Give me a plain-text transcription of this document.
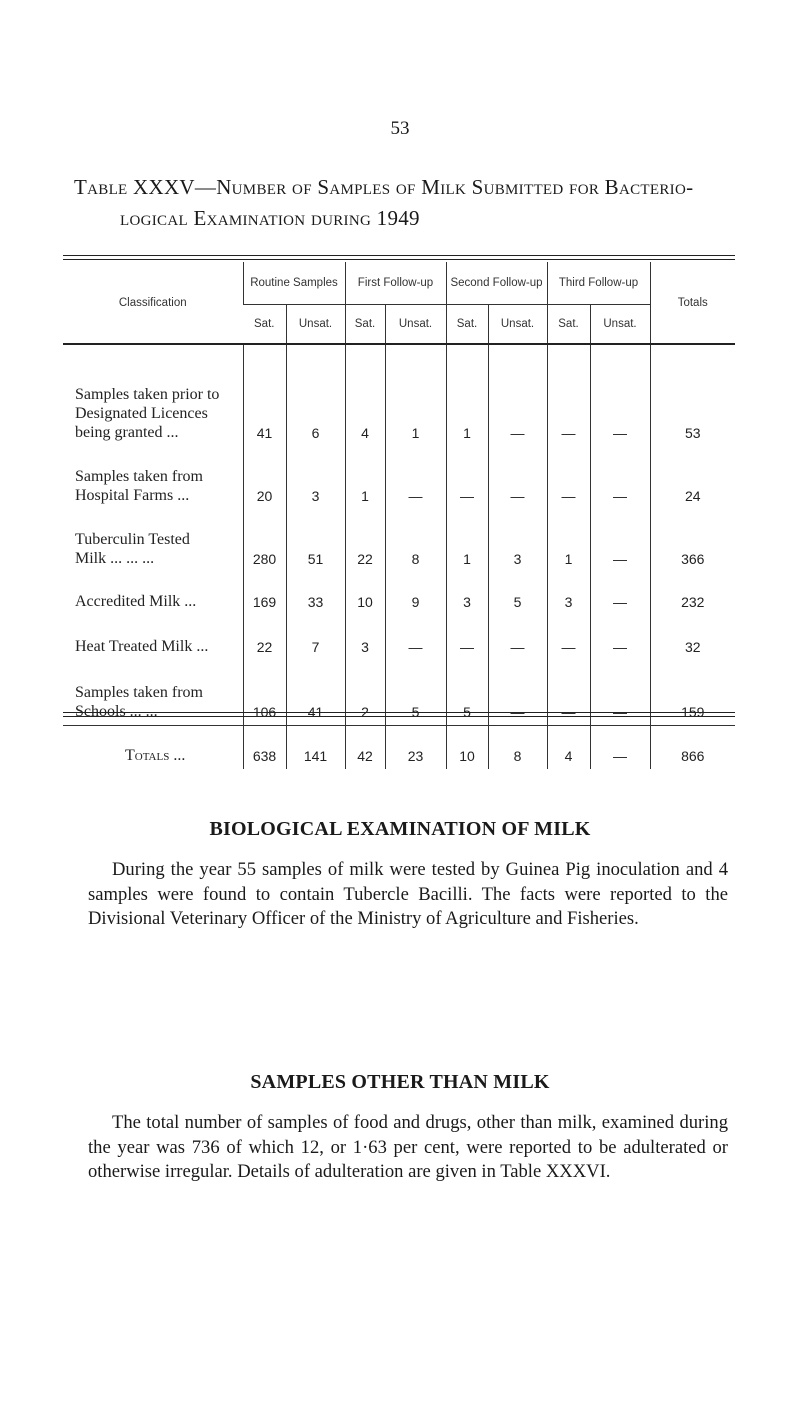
53
Table XXXV—Number of Samples of Milk Submitted for Bacterio-
logical Examination during 1949
Classification	Routine Samples		First Follow-up		Second Follow-up		Third Follow-up		Totals
	Sat.	Unsat.	Sat.	Unsat.	Sat.	Unsat.	Sat.	Unsat.	

Samples taken prior to
Designated Licences
being granted ...	41	6	4	1	1	—	—	—	53

Samples taken from
Hospital Farms ...	20	3	1	—	—	—	—	—	24

Tuberculin Tested
Milk ... ... ...	280	51	22	8	1	3	1	—	366

Accredited Milk ...	169	33	10	9	3	5	3	—	232

Heat Treated Milk ...	22	7	3	—	—	—	—	—	32

Samples taken from
Schools ... ...	106	41	2	5	5	—	—	—	159
Totals ...	638	141	42	23	10	8	4	—	866
BIOLOGICAL EXAMINATION OF MILK

During the year 55 samples of milk were tested by Guinea Pig inoculation and 4 samples were found to contain Tubercle Bacilli. The facts were reported to the Divisional Veterinary Officer of the Ministry of Agriculture and Fisheries.

SAMPLES OTHER THAN MILK

The total number of samples of food and drugs, other than milk, examined during the year was 736 of which 12, or 1·63 per cent, were reported to be adulterated or otherwise irregular. Details of adulteration are given in Table XXXVI.
